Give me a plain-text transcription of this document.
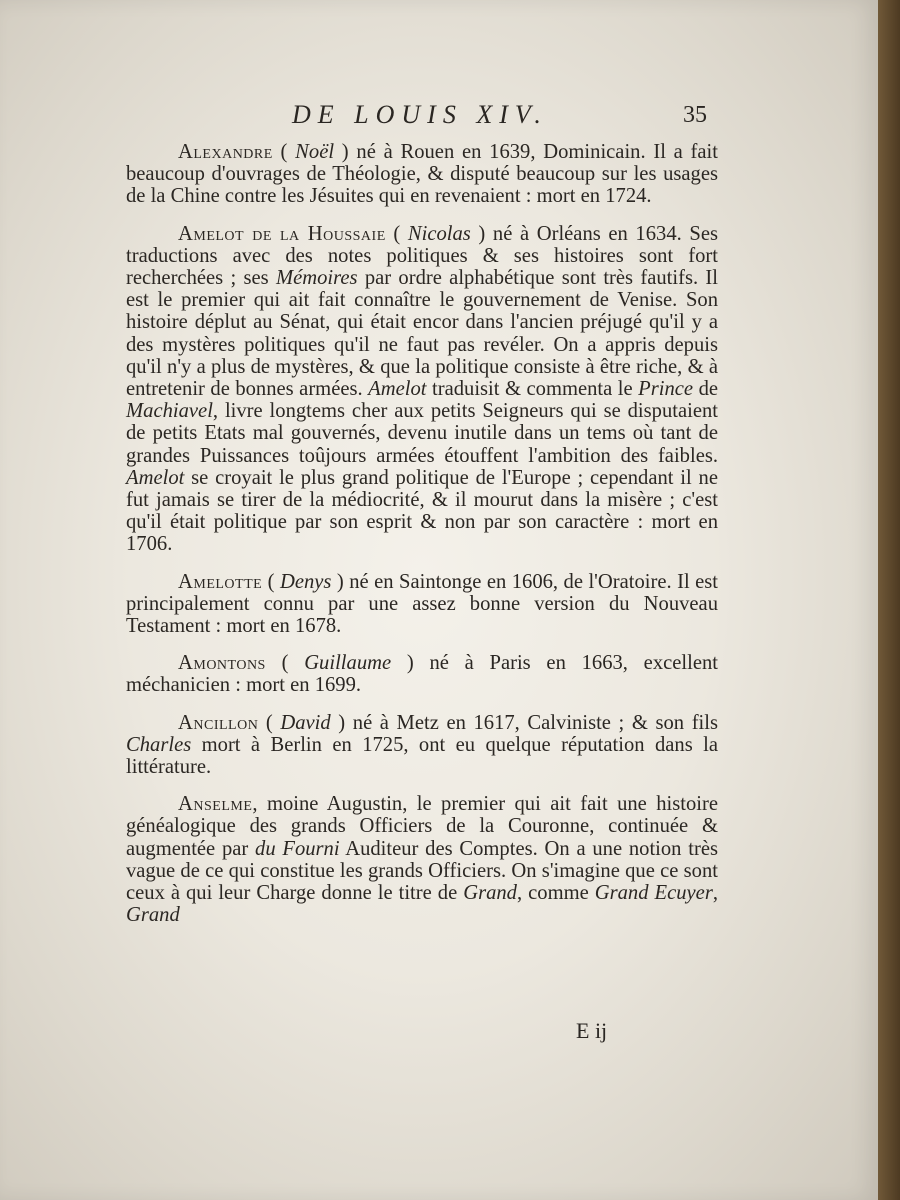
DE LOUIS XIV.	35

Alexandre ( Noël ) né à Rouen en 1639, Dominicain. Il a fait beaucoup d'ouvrages de Théologie, & disputé beaucoup sur les usages de la Chine contre les Jésuites qui en revenaient : mort en 1724.

Amelot de la Houssaie ( Nicolas ) né à Orléans en 1634. Ses traductions avec des notes politiques & ses histoires sont fort recherchées ; ses Mémoires par ordre alphabétique sont très fautifs. Il est le premier qui ait fait connaître le gouvernement de Venise. Son histoire déplut au Sénat, qui était encor dans l'ancien préjugé qu'il y a des mystères politiques qu'il ne faut pas revéler. On a appris depuis qu'il n'y a plus de mystères, & que la politique consiste à être riche, & à entretenir de bonnes armées. Amelot traduisit & commenta le Prince de Machiavel, livre longtems cher aux petits Seigneurs qui se disputaient de petits Etats mal gouvernés, devenu inutile dans un tems où tant de grandes Puissances toûjours armées étouffent l'ambition des faibles. Amelot se croyait le plus grand politique de l'Europe ; cependant il ne fut jamais se tirer de la médiocrité, & il mourut dans la misère ; c'est qu'il était politique par son esprit & non par son caractère : mort en 1706.

Amelotte ( Denys ) né en Saintonge en 1606, de l'Oratoire. Il est principalement connu par une assez bonne version du Nouveau Testament : mort en 1678.

Amontons ( Guillaume ) né à Paris en 1663, excellent méchanicien : mort en 1699.

Ancillon ( David ) né à Metz en 1617, Calviniste ; & son fils Charles mort à Berlin en 1725, ont eu quelque réputation dans la littérature.

Anselme, moine Augustin, le premier qui ait fait une histoire généalogique des grands Officiers de la Couronne, continuée & augmentée par du Fourni Auditeur des Comptes. On a une notion très vague de ce qui constitue les grands Officiers. On s'imagine que ce sont ceux à qui leur Charge donne le titre de Grand, comme Grand Ecuyer, Grand

E ij
